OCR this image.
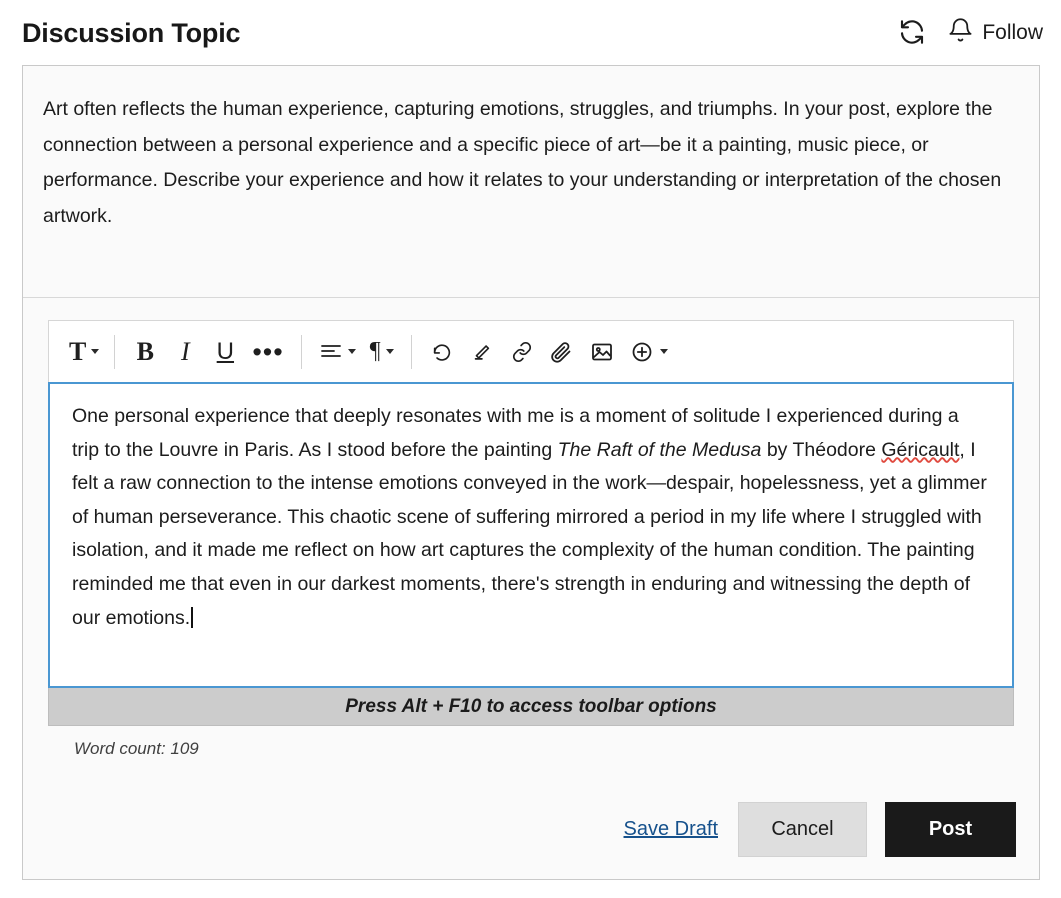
Discussion Topic	Follow
Art often reflects the human experience, capturing emotions, struggles, and triumphs. In your post, explore the connection between a personal experience and a specific piece of art—be it a painting, music piece, or performance. Describe your experience and how it relates to your understanding or interpretation of the chosen artwork.
T B I U •••	¶

One personal experience that deeply resonates with me is a moment of solitude I experienced during a trip to the Louvre in Paris. As I stood before the painting The Raft of the Medusa by Théodore Géricault, I felt a raw connection to the intense emotions conveyed in the work—despair, hopelessness, yet a glimmer of human perseverance. This chaotic scene of suffering mirrored a period in my life where I struggled with isolation, and it made me reflect on how art captures the complexity of the human condition. The painting reminded me that even in our darkest moments, there's strength in enduring and witnessing the depth of our emotions.

Press Alt + F10 to access toolbar options
Word count: 109
Save Draft	Cancel	Post
